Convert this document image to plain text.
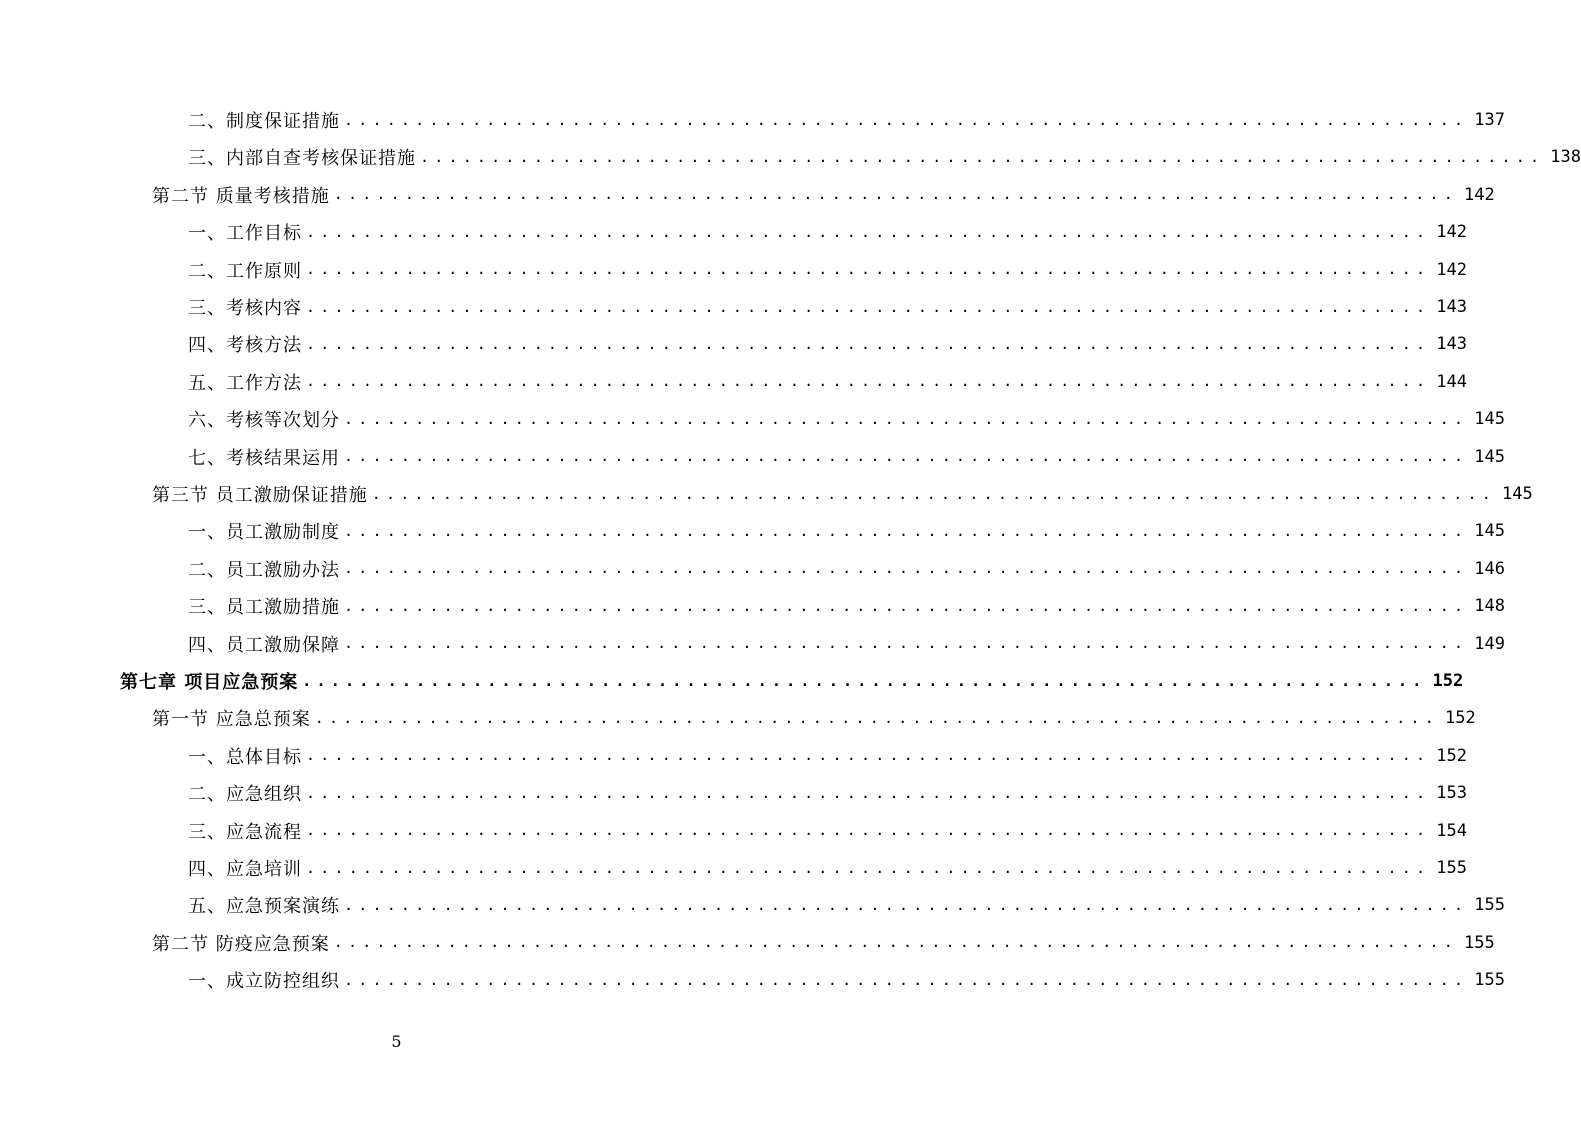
二、制度保证措施 ............................................................................... 137
三、内部自查考核保证措施 ............................................................................... 138
第二节 质量考核措施 ............................................................................... 142
一、工作目标 ............................................................................... 142
二、工作原则 ............................................................................... 142
三、考核内容 ............................................................................... 143
四、考核方法 ............................................................................... 143
五、工作方法 ............................................................................... 144
六、考核等次划分 ............................................................................... 145
七、考核结果运用 ............................................................................... 145
第三节 员工激励保证措施 ............................................................................... 145
一、员工激励制度 ............................................................................... 145
二、员工激励办法 ............................................................................... 146
三、员工激励措施 ............................................................................... 148
四、员工激励保障 ............................................................................... 149
第七章 项目应急预案 ............................................................................... 152
第一节 应急总预案 ............................................................................... 152
一、总体目标 ............................................................................... 152
二、应急组织 ............................................................................... 153
三、应急流程 ............................................................................... 154
四、应急培训 ............................................................................... 155
五、应急预案演练 ............................................................................... 155
第二节 防疫应急预案 ............................................................................... 155
一、成立防控组织 ............................................................................... 155
5
